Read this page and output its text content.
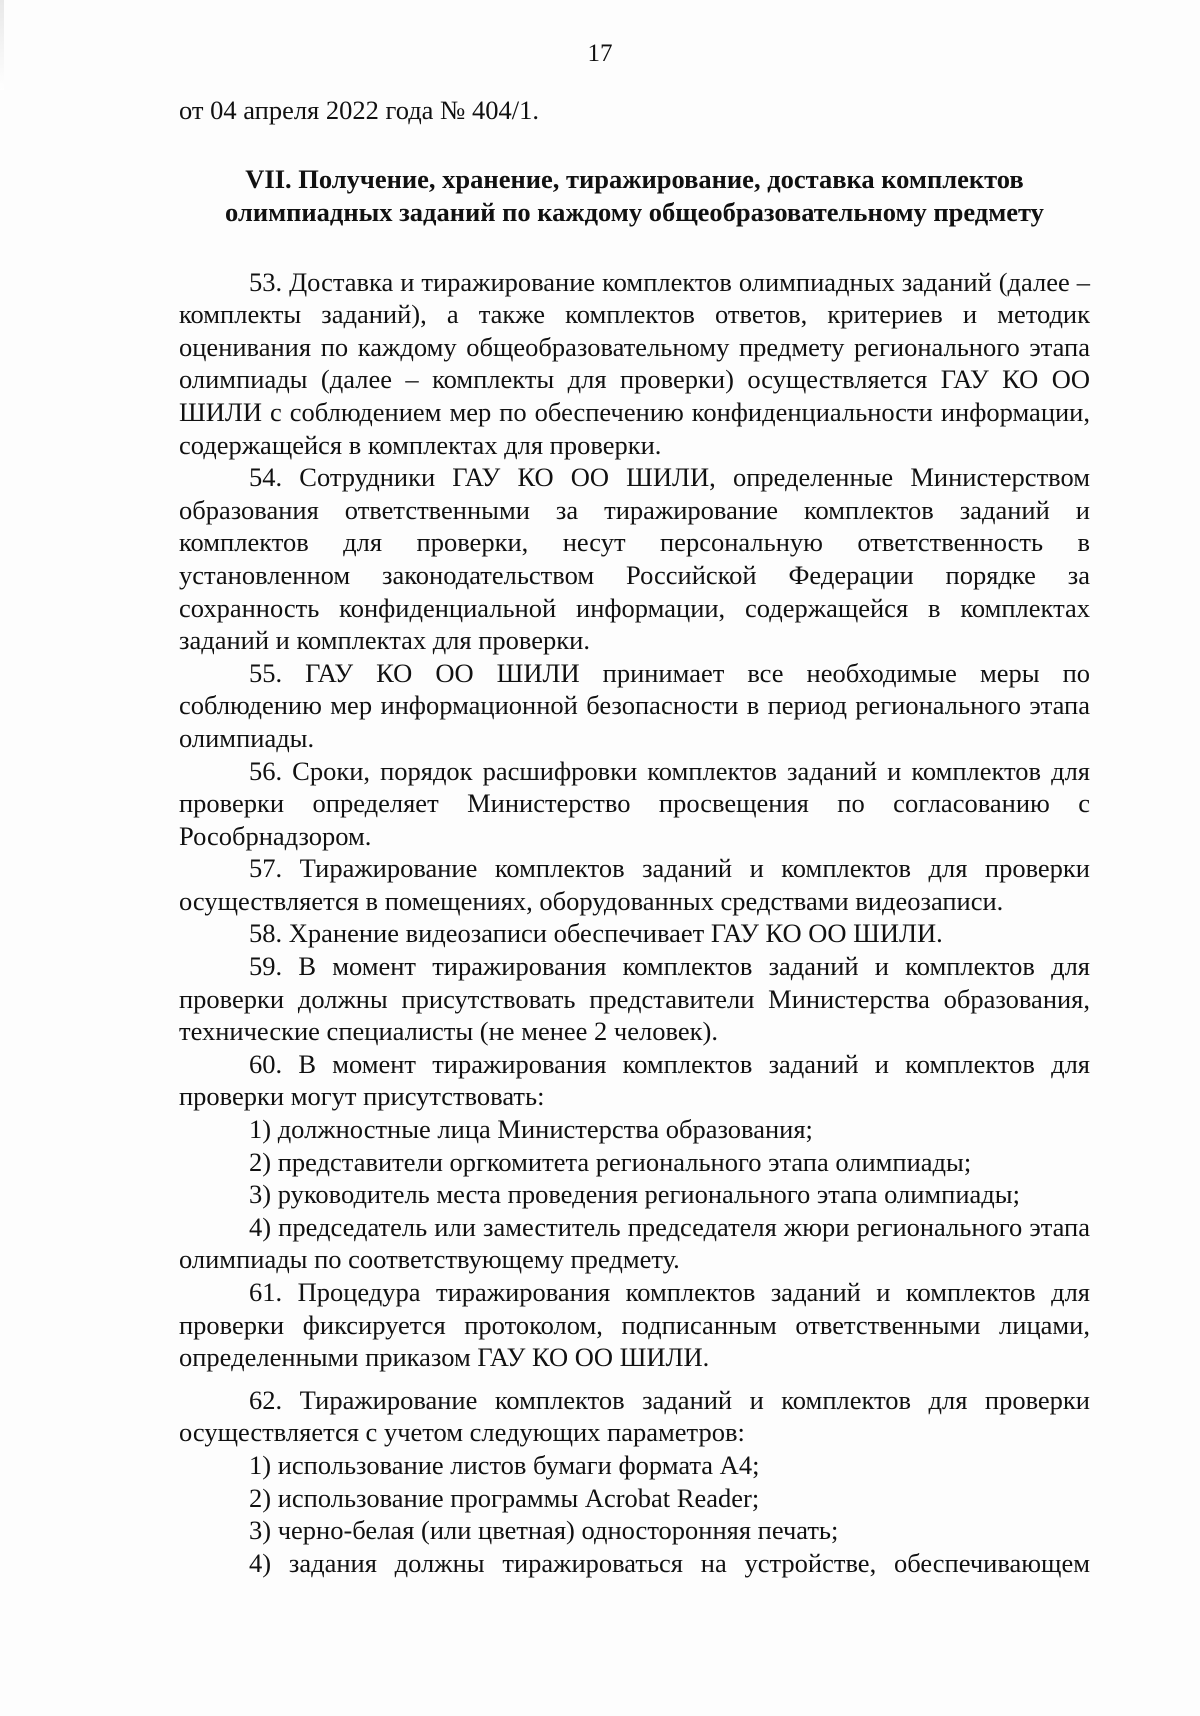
17

от 04 апреля 2022 года № 404/1.

VII. Получение, хранение, тиражирование, доставка комплектов
олимпиадных заданий по каждому общеобразовательному предмету

53. Доставка и тиражирование комплектов олимпиадных заданий (далее – комплекты заданий), а также комплектов ответов, критериев и методик оценивания по каждому общеобразовательному предмету регионального этапа олимпиады (далее – комплекты для проверки) осуществляется ГАУ КО ОО ШИЛИ с соблюдением мер по обеспечению конфиденциальности информации, содержащейся в комплектах для проверки.

54. Сотрудники ГАУ КО ОО ШИЛИ, определенные Министерством образования ответственными за тиражирование комплектов заданий и комплектов для проверки, несут персональную ответственность в установленном законодательством Российской Федерации порядке за сохранность конфиденциальной информации, содержащейся в комплектах заданий и комплектах для проверки.

55. ГАУ КО ОО ШИЛИ принимает все необходимые меры по соблюдению мер информационной безопасности в период регионального этапа олимпиады.

56. Сроки, порядок расшифровки комплектов заданий и комплектов для проверки определяет Министерство просвещения по согласованию с Рособрнадзором.

57. Тиражирование комплектов заданий и комплектов для проверки осуществляется в помещениях, оборудованных средствами видеозаписи.

58. Хранение видеозаписи обеспечивает ГАУ КО ОО ШИЛИ.

59. В момент тиражирования комплектов заданий и комплектов для проверки должны присутствовать представители Министерства образования, технические специалисты (не менее 2 человек).

60. В момент тиражирования комплектов заданий и комплектов для проверки могут присутствовать:

1) должностные лица Министерства образования;

2) представители оргкомитета регионального этапа олимпиады;

3) руководитель места проведения регионального этапа олимпиады;

4) председатель или заместитель председателя жюри регионального этапа олимпиады по соответствующему предмету.

61. Процедура тиражирования комплектов заданий и комплектов для проверки фиксируется протоколом, подписанным ответственными лицами, определенными приказом ГАУ КО ОО ШИЛИ.

62. Тиражирование комплектов заданий и комплектов для проверки осуществляется с учетом следующих параметров:

1) использование листов бумаги формата А4;

2) использование программы Acrobat Reader;

3) черно-белая (или цветная) односторонняя печать;

4) задания должны тиражироваться на устройстве, обеспечивающем
